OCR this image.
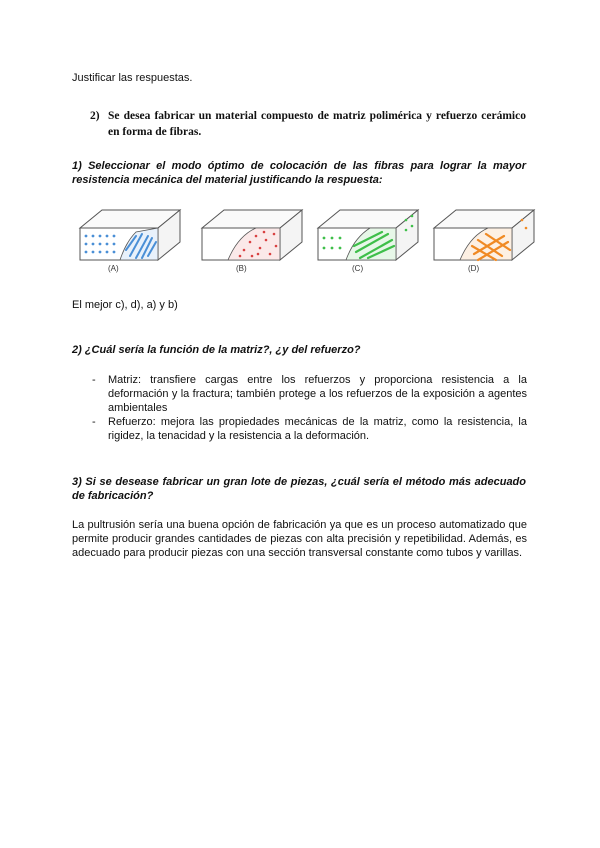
Justificar las respuestas.

2) Se desea fabricar un material compuesto de matriz polimérica y refuerzo cerámico en forma de fibras.

1) Seleccionar el modo óptimo de colocación de las fibras para lograr la mayor resistencia mecánica del material justificando la respuesta:

(A)	(B)	(C)	(D)

El mejor c), d), a) y b)

2) ¿Cuál sería la función de la matriz?, ¿y del refuerzo?

-	Matriz: transfiere cargas entre los refuerzos y proporciona resistencia a la deformación y la fractura; también protege a los refuerzos de la exposición a agentes ambientales
-	Refuerzo: mejora las propiedades mecánicas de la matriz, como la resistencia, la rigidez, la tenacidad y la resistencia a la deformación.

3) Si se desease fabricar un gran lote de piezas, ¿cuál sería el método más adecuado de fabricación?

La pultrusión sería una buena opción de fabricación ya que es un proceso automatizado que permite producir grandes cantidades de piezas con alta precisión y repetibilidad. Además, es adecuado para producir piezas con una sección transversal constante como tubos y varillas.
